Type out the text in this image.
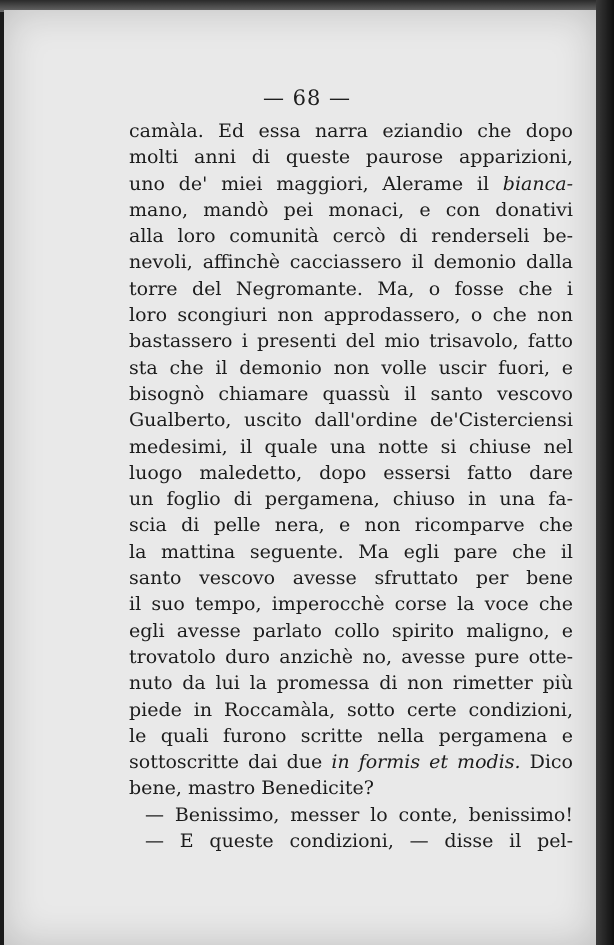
— 68 —
camàla. Ed essa narra eziandio che dopo
molti anni di queste paurose apparizioni,
uno de' miei maggiori, Alerame il bianca-
mano, mandò pei monaci, e con donativi
alla loro comunità cercò di renderseli be-
nevoli, affinchè cacciassero il demonio dalla
torre del Negromante. Ma, o fosse che i
loro scongiuri non approdassero, o che non
bastassero i presenti del mio trisavolo, fatto
sta che il demonio non volle uscir fuori, e
bisognò chiamare quassù il santo vescovo
Gualberto, uscito dall'ordine de'Cisterciensi
medesimi, il quale una notte si chiuse nel
luogo maledetto, dopo essersi fatto dare
un foglio di pergamena, chiuso in una fa-
scia di pelle nera, e non ricomparve che
la mattina seguente. Ma egli pare che il
santo vescovo avesse sfruttato per bene
il suo tempo, imperocchè corse la voce che
egli avesse parlato collo spirito maligno, e
trovatolo duro anzichè no, avesse pure otte-
nuto da lui la promessa di non rimetter più
piede in Roccamàla, sotto certe condizioni,
le quali furono scritte nella pergamena e
sottoscritte dai due in formis et modis. Dico
bene, mastro Benedicite?
— Benissimo, messer lo conte, benissimo!
— E queste condizioni, — disse il pel-
